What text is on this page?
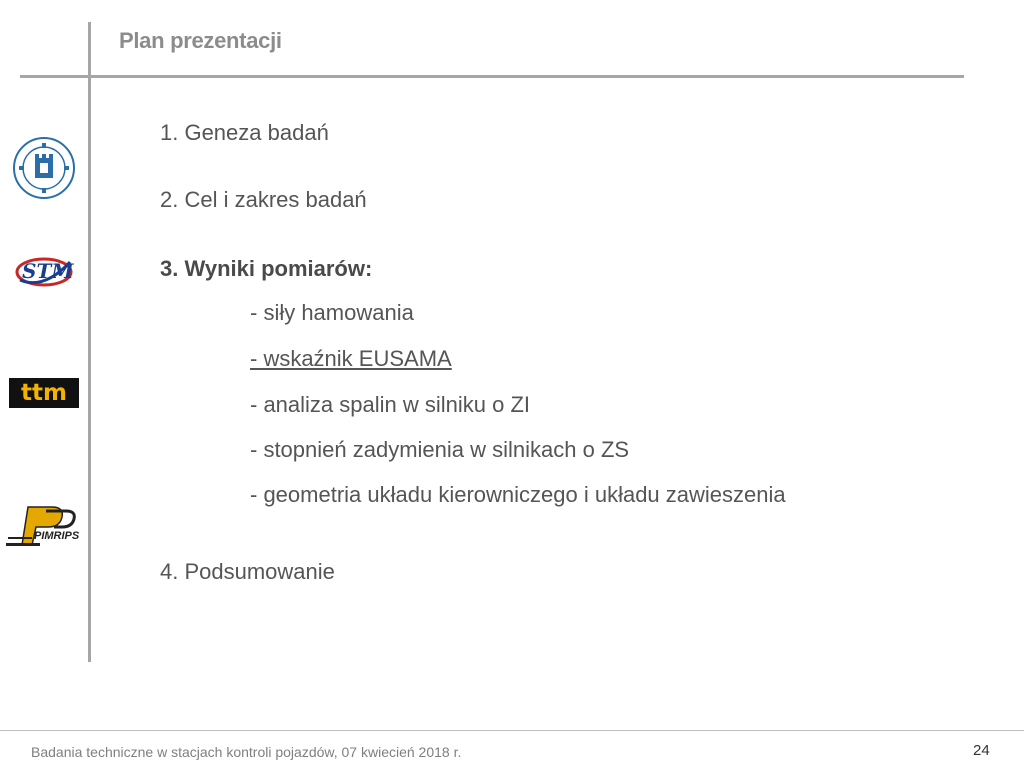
Plan prezentacji
1. Geneza badań
2. Cel i zakres badań
3. Wyniki pomiarów:
- siły hamowania
- wskaźnik EUSAMA
- analiza spalin w silniku o ZI
- stopnień zadymienia w silnikach o ZS
- geometria układu kierowniczego i układu zawieszenia
4. Podsumowanie
STM
ttm
PIMRIPS
Badania techniczne w stacjach kontroli pojazdów, 07 kwiecień 2018 r.	24
